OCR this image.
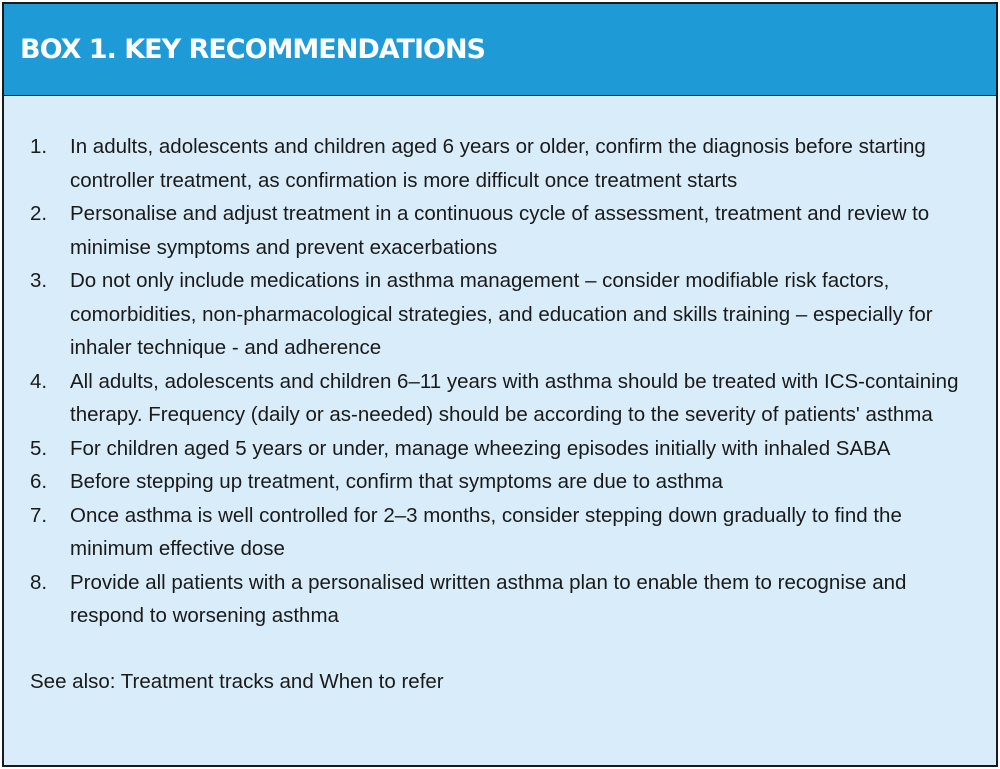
BOX 1. KEY RECOMMENDATIONS
1.	In adults, adolescents and children aged 6 years or older, confirm the diagnosis before starting controller treatment, as confirmation is more difficult once treatment starts
2.	Personalise and adjust treatment in a continuous cycle of assessment, treatment and review to minimise symptoms and prevent exacerbations
3.	Do not only include medications in asthma management – consider modifiable risk factors, comorbidities, non-pharmacological strategies, and education and skills training – especially for inhaler technique - and adherence
4.	All adults, adolescents and children 6–11 years with asthma should be treated with ICS-containing therapy. Frequency (daily or as-needed) should be according to the severity of patients' asthma
5.	For children aged 5 years or under, manage wheezing episodes initially with inhaled SABA
6.	Before stepping up treatment, confirm that symptoms are due to asthma
7.	Once asthma is well controlled for 2–3 months, consider stepping down gradually to find the minimum effective dose
8.	Provide all patients with a personalised written asthma plan to enable them to recognise and respond to worsening asthma

See also: Treatment tracks and When to refer
